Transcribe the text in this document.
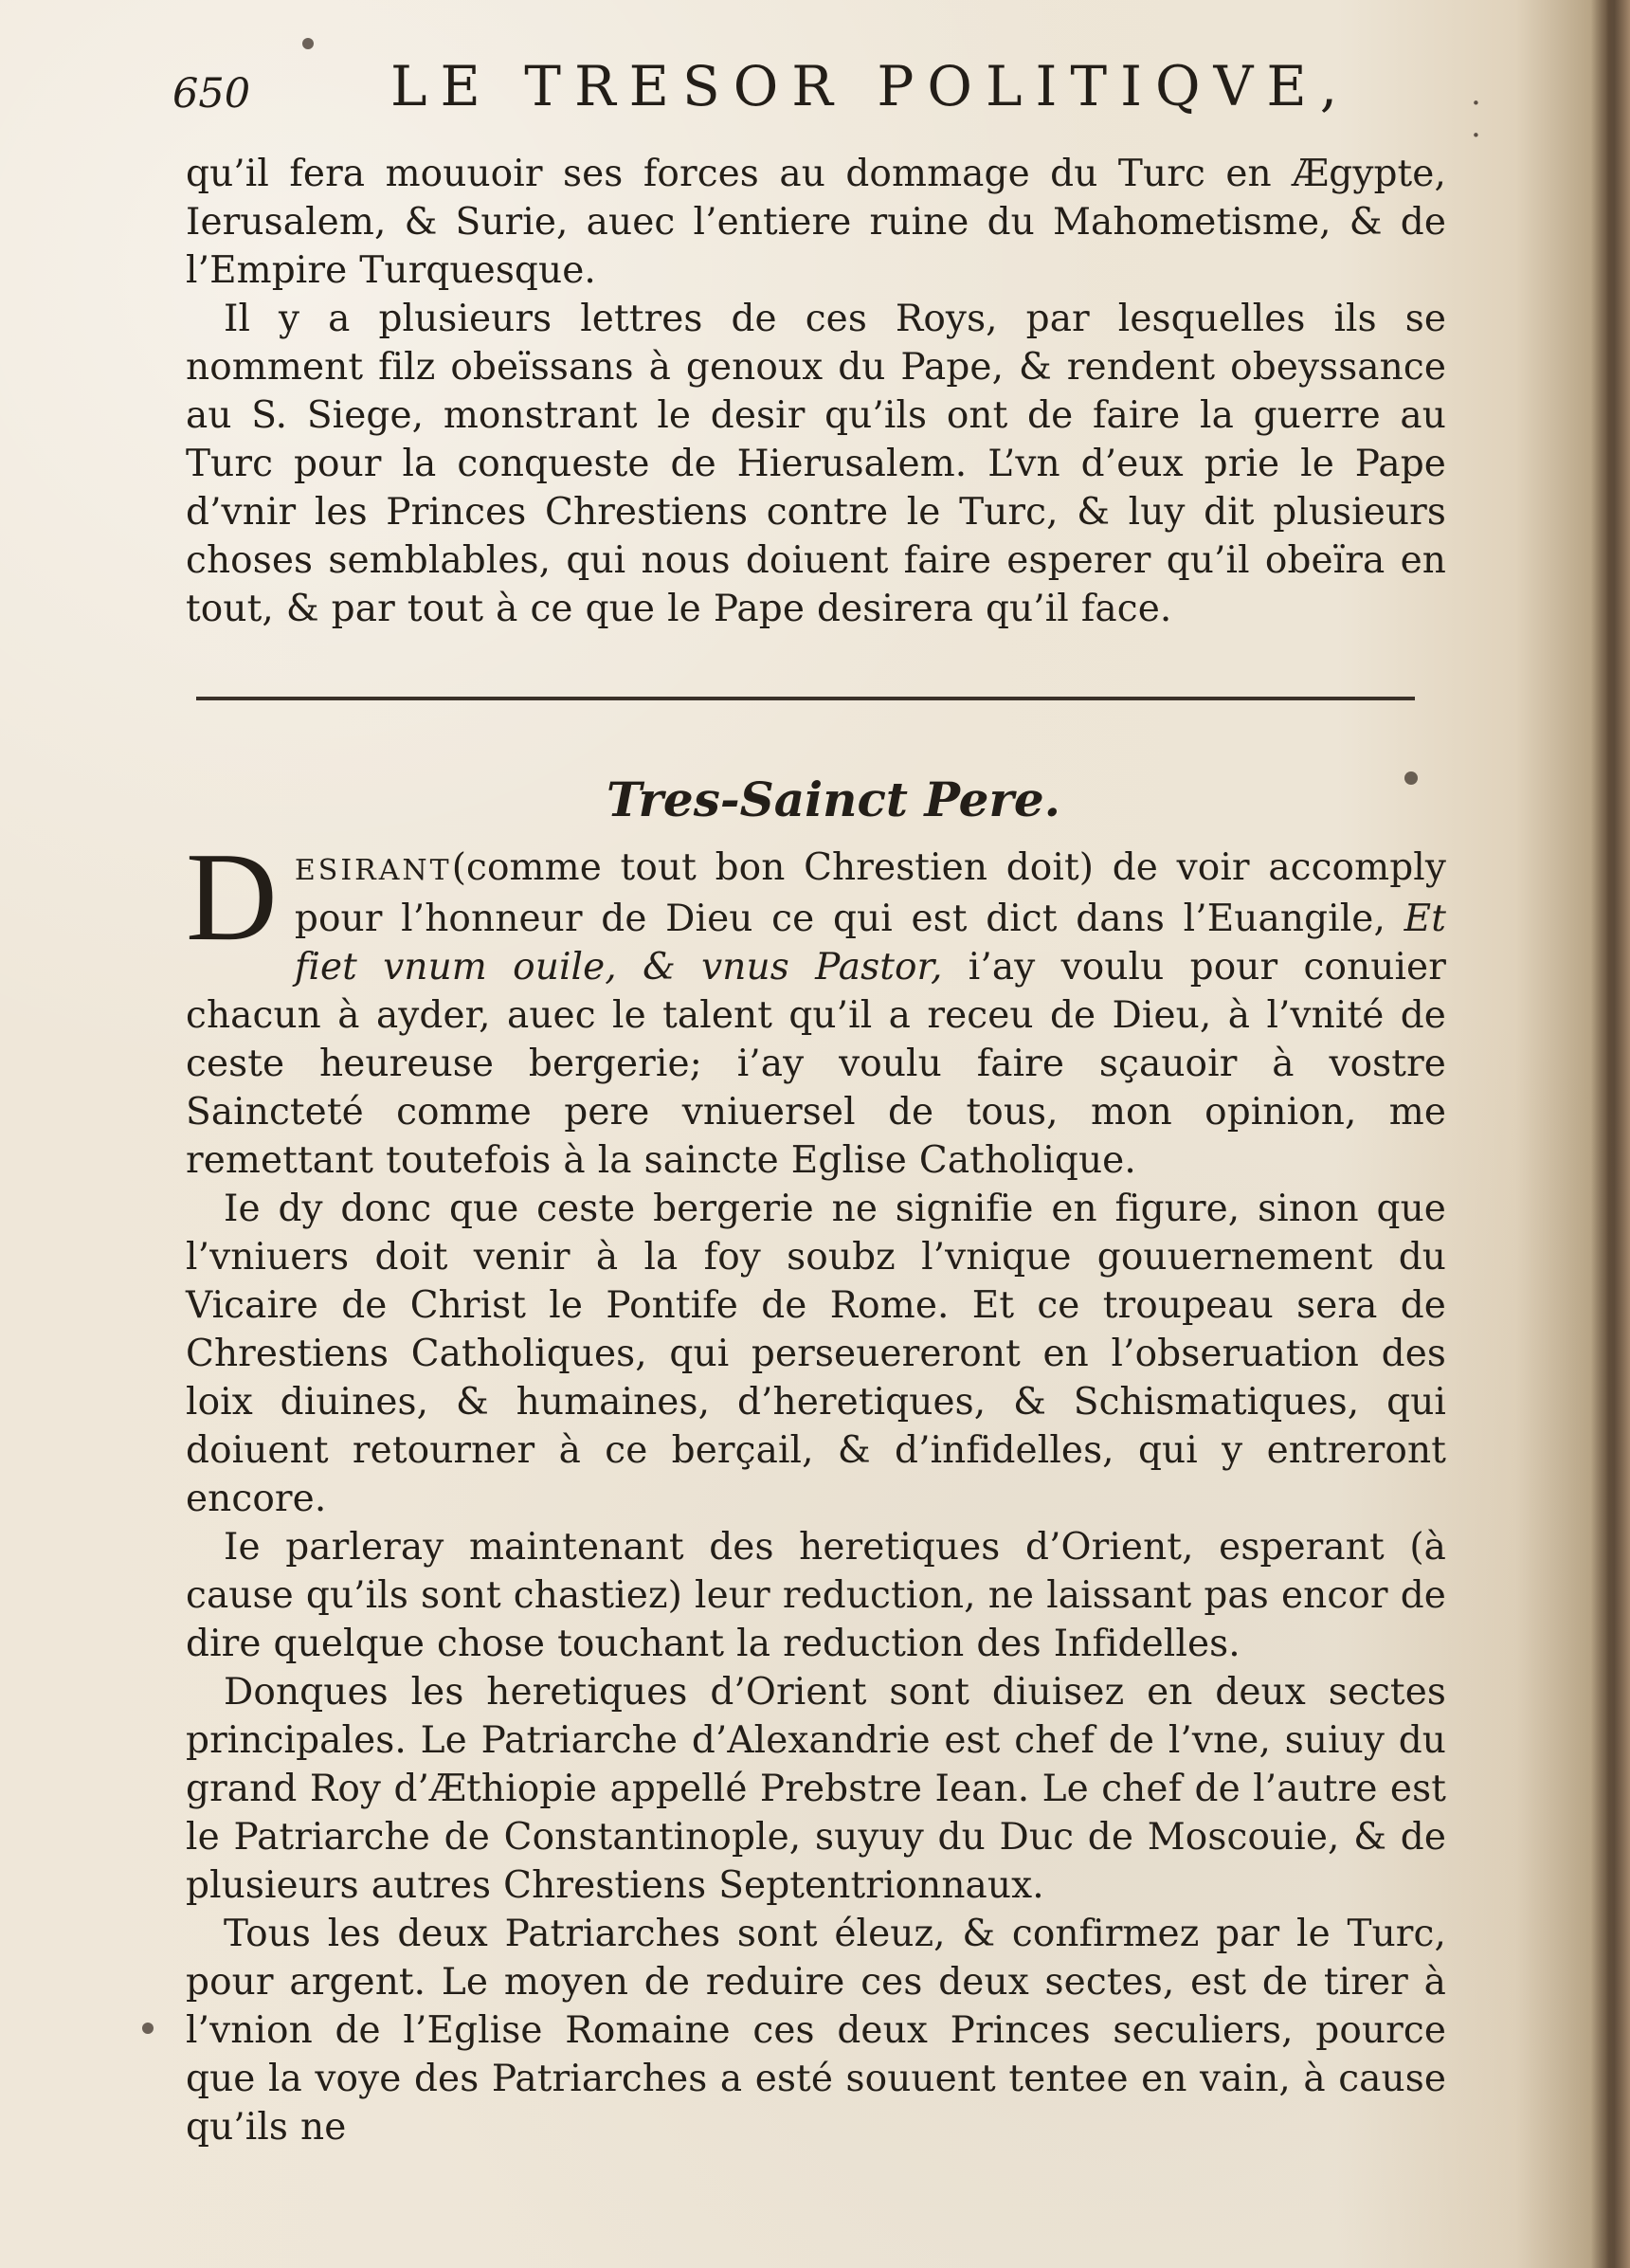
650	LE TRESOR POLITIQVE,	. .

qu’il fera mouuoir ses forces au dommage du Turc en Ægypte, Ierusalem, & Surie, auec l’entiere ruine du Mahometisme, & de l’Empire Turquesque.

Il y a plusieurs lettres de ces Roys, par lesquelles ils se nomment filz obeïssans à genoux du Pape, & rendent obeyssance au S. Siege, monstrant le desir qu’ils ont de faire la guerre au Turc pour la conqueste de Hierusalem. L’vn d’eux prie le Pape d’vnir les Princes Chrestiens contre le Turc, & luy dit plusieurs choses semblables, qui nous doiuent faire esperer qu’il obeïra en tout, & par tout à ce que le Pape desirera qu’il face.

Tres-Sainct Pere.

DESIRANT(comme tout bon Chrestien doit) de voir accomply pour l’honneur de Dieu ce qui est dict dans l’Euangile, Et fiet vnum ouile, & vnus Pastor, i’ay voulu pour conuier chacun à ayder, auec le talent qu’il a receu de Dieu, à l’vnité de ceste heureuse bergerie; i’ay voulu faire sçauoir à vostre Saincteté comme pere vniuersel de tous, mon opinion, me remettant toutefois à la saincte Eglise Catholique.

Ie dy donc que ceste bergerie ne signifie en figure, sinon que l’vniuers doit venir à la foy soubz l’vnique gouuernement du Vicaire de Christ le Pontife de Rome. Et ce troupeau sera de Chrestiens Catholiques, qui perseuereront en l’obseruation des loix diuines, & humaines, d’heretiques, & Schismatiques, qui doiuent retourner à ce berçail, & d’infidelles, qui y entreront encore.

Ie parleray maintenant des heretiques d’Orient, esperant (à cause qu’ils sont chastiez) leur reduction, ne laissant pas encor de dire quelque chose touchant la reduction des Infidelles.

Donques les heretiques d’Orient sont diuisez en deux sectes principales. Le Patriarche d’Alexandrie est chef de l’vne, suiuy du grand Roy d’Æthiopie appellé Prebstre Iean. Le chef de l’autre est le Patriarche de Constantinople, suyuy du Duc de Moscouie, & de plusieurs autres Chrestiens Septentrionnaux.

Tous les deux Patriarches sont éleuz, & confirmez par le Turc, pour argent. Le moyen de reduire ces deux sectes, est de tirer à l’vnion de l’Eglise Romaine ces deux Princes seculiers, pource que la voye des Patriarches a esté souuent tentee en vain, à cause qu’ils ne
